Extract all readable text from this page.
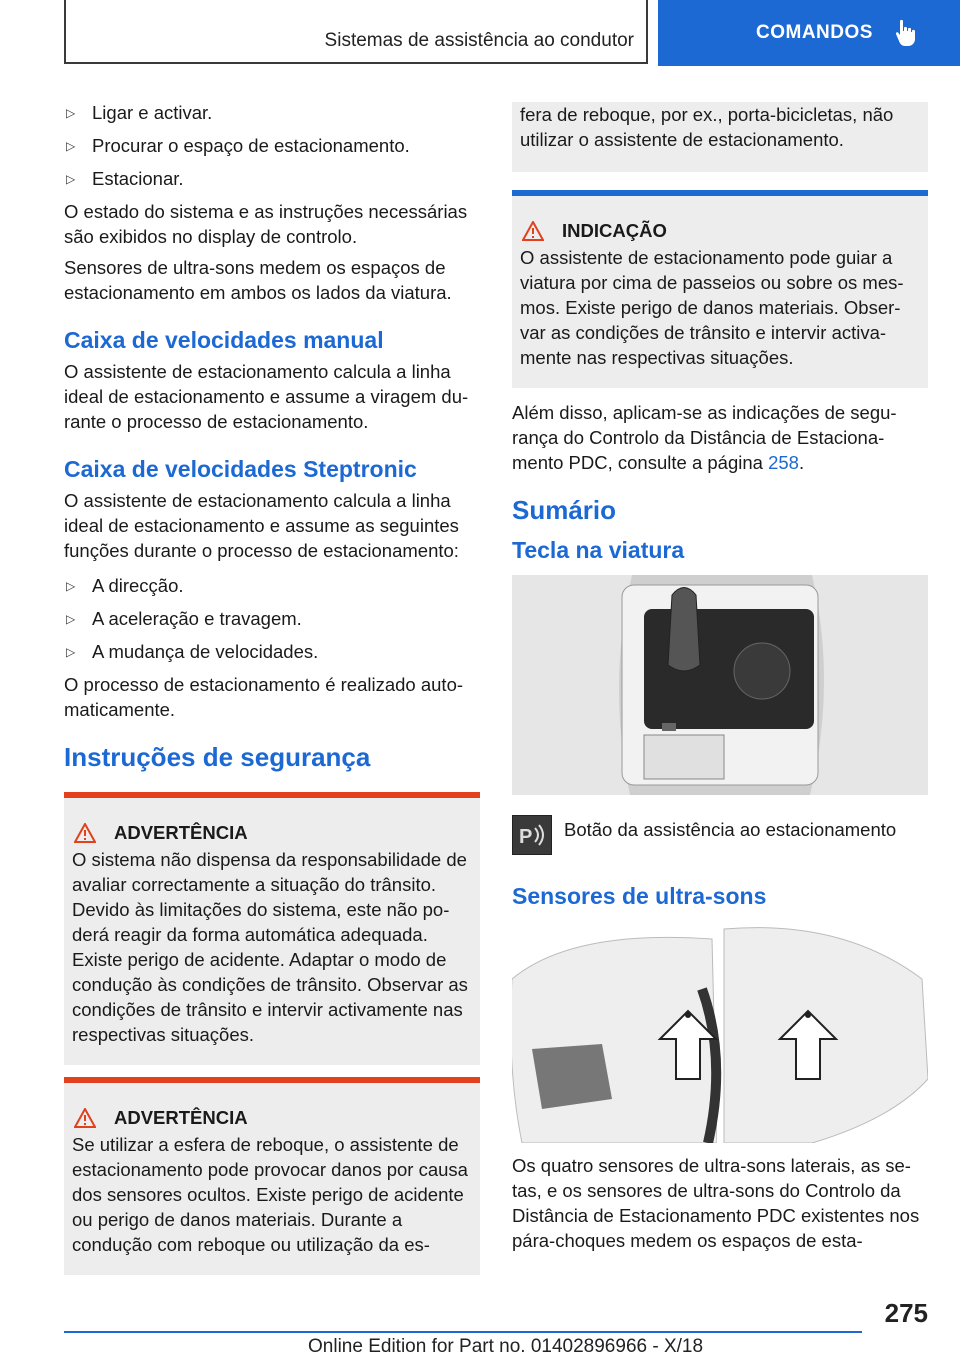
Sistemas de assistência ao condutor	COMANDOS
▷ Ligar e activar.
▷ Procurar o espaço de estacionamento.
▷ Estacionar.

O estado do sistema e as instruções necessárias são exibidos no display de controlo.

Sensores de ultra-sons medem os espaços de estacionamento em ambos os lados da viatura.

Caixa de velocidades manual

O assistente de estacionamento calcula a linha ideal de estacionamento e assume a viragem du-rante o processo de estacionamento.

Caixa de velocidades Steptronic

O assistente de estacionamento calcula a linha ideal de estacionamento e assume as seguintes funções durante o processo de estacionamento:

▷ A direcção.
▷ A aceleração e travagem.
▷ A mudança de velocidades.

O processo de estacionamento é realizado auto-maticamente.

Instruções de segurança
ADVERTÊNCIA

O sistema não dispensa da responsabilidade de avaliar correctamente a situação do trânsito. Devido às limitações do sistema, este não po-derá reagir da forma automática adequada. Existe perigo de acidente. Adaptar o modo de condução às condições de trânsito. Observar as condições de trânsito e intervir activamente nas respectivas situações.

ADVERTÊNCIA

Se utilizar a esfera de reboque, o assistente de estacionamento pode provocar danos por causa dos sensores ocultos. Existe perigo de acidente ou perigo de danos materiais. Durante a condução com reboque ou utilização da es-

fera de reboque, por ex., porta-bicicletas, não utilizar o assistente de estacionamento.

INDICAÇÃO

O assistente de estacionamento pode guiar a viatura por cima de passeios ou sobre os mes-mos. Existe perigo de danos materiais. Obser-var as condições de trânsito e intervir activa-mente nas respectivas situações.

Além disso, aplicam-se as indicações de segu-rança do Controlo da Distância de Estaciona-mento PDC, consulte a página 258.

Sumário
Tecla na viatura
P Botão da assistência ao estacionamento

Sensores de ultra-sons

Os quatro sensores de ultra-sons laterais, as se-tas, e os sensores de ultra-sons do Controlo da Distância de Estacionamento PDC existentes nos pára-choques medem os espaços de esta-

275
Online Edition for Part no. 01402896966 - X/18
